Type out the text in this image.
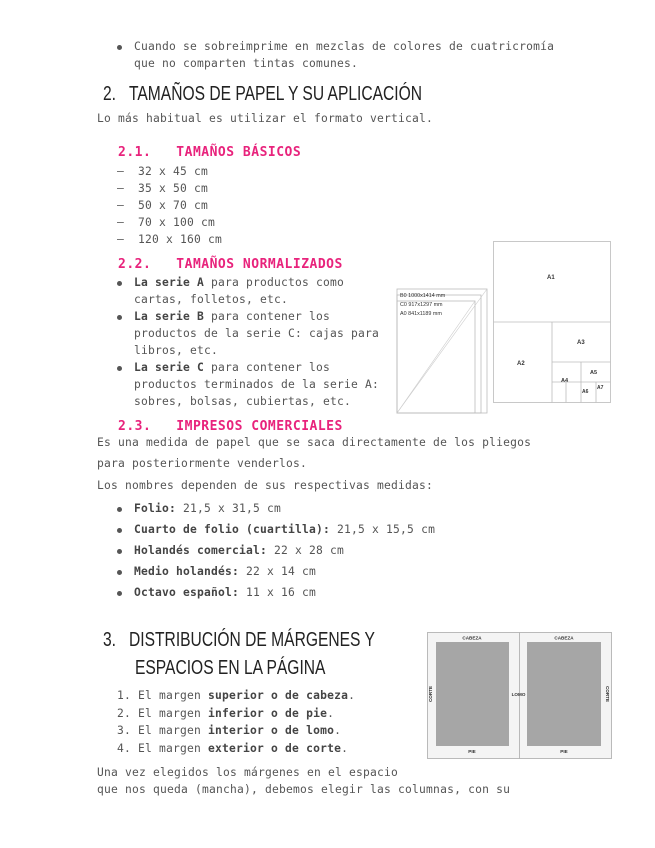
Cuando se sobreimprime en mezclas de colores de cuatricromía
que no comparten tintas comunes.
2. TAMAÑOS DE PAPEL Y SU APLICACIÓN
Lo más habitual es utilizar el formato vertical.
2.1. TAMAÑOS BÁSICOS
–  32 x 45 cm
–  35 x 50 cm
–  50 x 70 cm
–  70 x 100 cm
–  120 x 160 cm
2.2. TAMAÑOS NORMALIZADOS
La serie A para productos como
cartas, folletos, etc.
La serie B para contener los
productos de la serie C: cajas para
libros, etc.
La serie C para contener los
productos terminados de la serie A:
sobres, bolsas, cubiertas, etc.
B0 1000x1414 mm
C0 917x1297 mm
A0 841x1189 mm
A1
A2
A3
A4
A5
A6
A7
2.3. IMPRESOS COMERCIALES
Es una medida de papel que se saca directamente de los pliegos
para posteriormente venderlos.
Los nombres dependen de sus respectivas medidas:
Folio: 21,5 x 31,5 cm
Cuarto de folio (cuartilla): 21,5 x 15,5 cm
Holandés comercial: 22 x 28 cm
Medio holandés: 22 x 14 cm
Octavo español: 11 x 16 cm
3. DISTRIBUCIÓN DE MÁRGENES Y
ESPACIOS EN LA PÁGINA
1. El margen superior o de cabeza.
2. El margen inferior o de pie.
3. El margen interior o de lomo.
4. El margen exterior o de corte.
CABEZA	CABEZA
PIE	PIE
LOMO
CORTE	CORTE
Una vez elegidos los márgenes en el espacio
que nos queda (mancha), debemos elegir las columnas, con su
